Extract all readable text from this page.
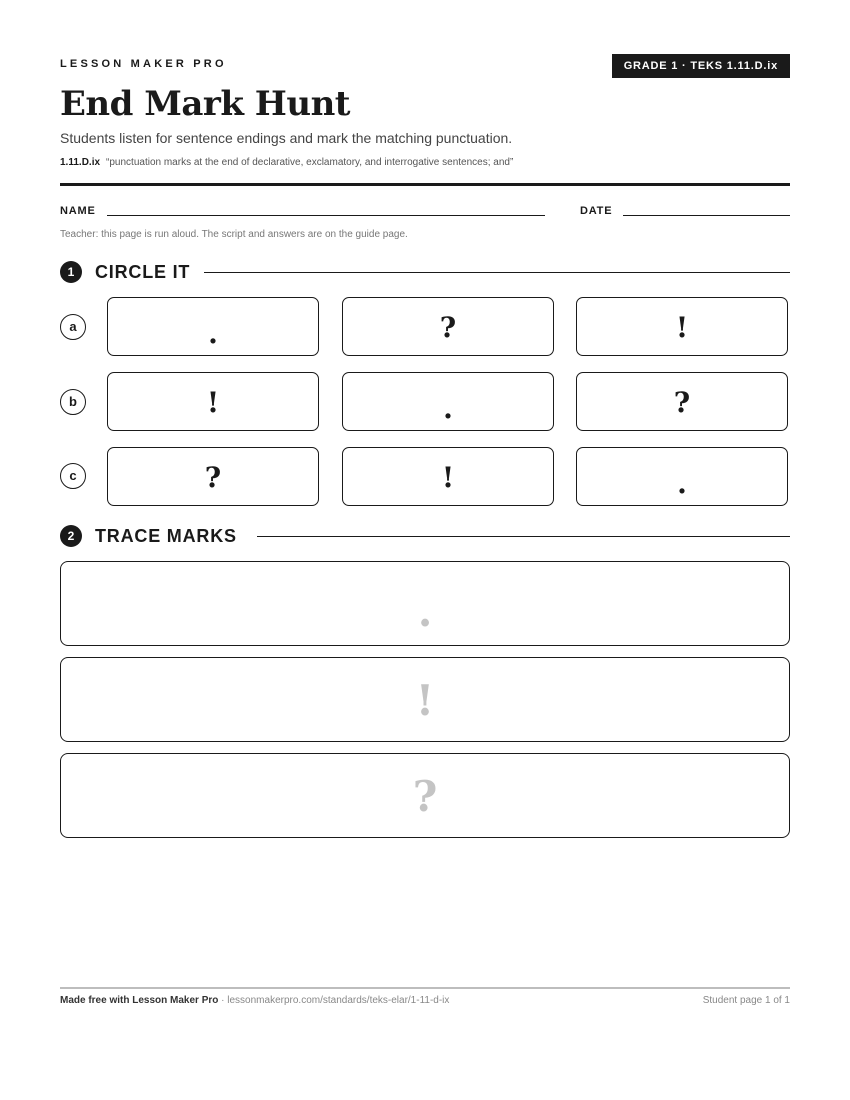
LESSON MAKER PRO	GRADE 1 · TEKS 1.11.D.ix
End Mark Hunt
Students listen for sentence endings and mark the matching punctuation.
1.11.D.ix “punctuation marks at the end of declarative, exclamatory, and interrogative sentences; and”
NAME	DATE
Teacher: this page is run aloud. The script and answers are on the guide page.
1	CIRCLE IT
a	.	?	!
b	!	.	?
c	?	!	.
2	TRACE MARKS
.
!
?
Made free with Lesson Maker Pro · lessonmakerpro.com/standards/teks-elar/1-11-d-ix	Student page 1 of 1
